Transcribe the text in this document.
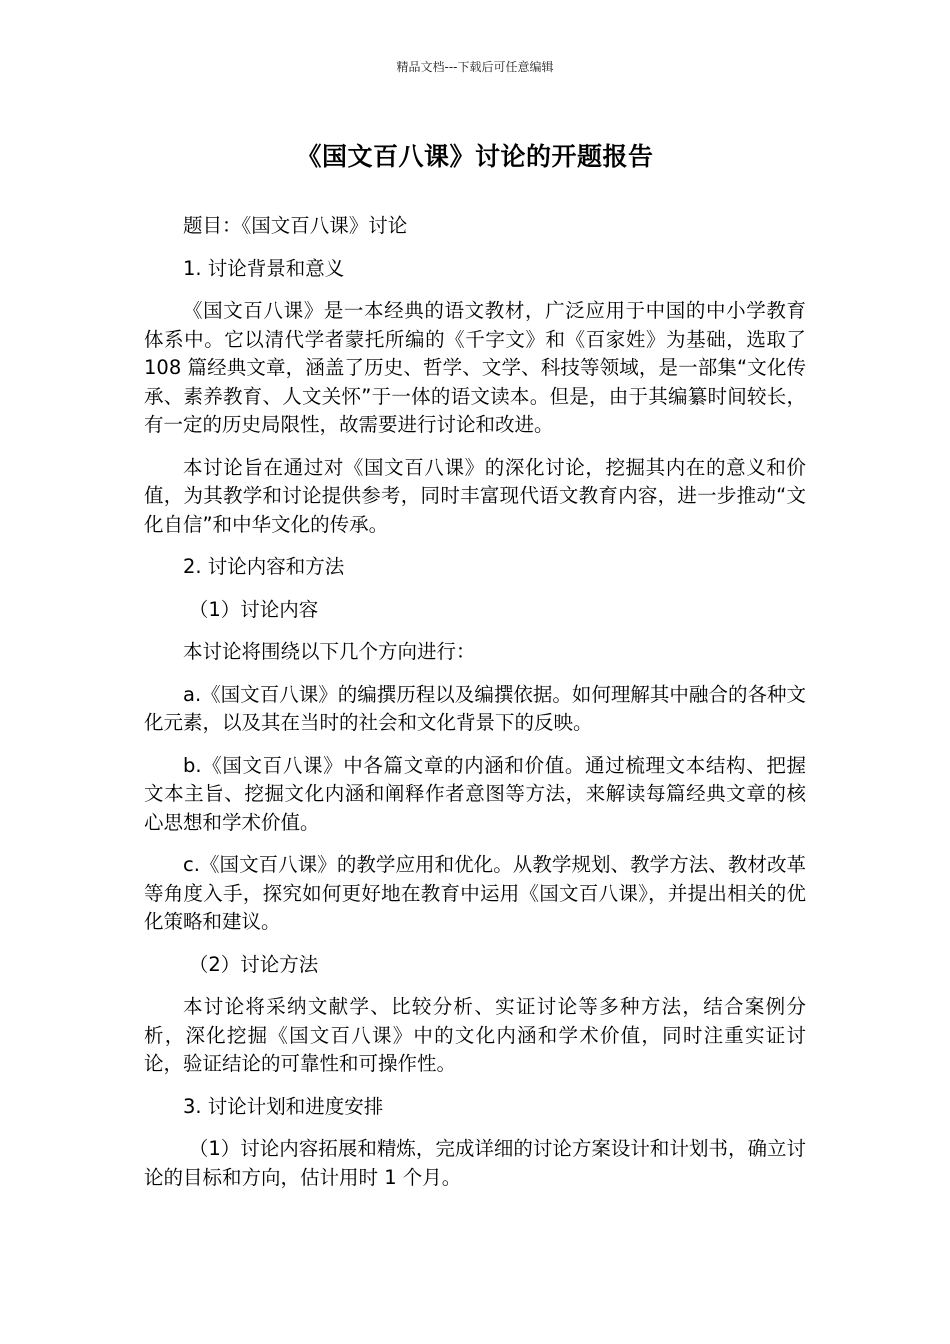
精品文档---下载后可任意编辑
《国文百八课》讨论的开题报告

题目：《国文百八课》讨论

1. 讨论背景和意义

《国文百八课》是一本经典的语文教材，广泛应用于中国的中小学教育体系中。它以清代学者蒙托所编的《千字文》和《百家姓》为基础，选取了 108 篇经典文章，涵盖了历史、哲学、文学、科技等领域，是一部集“文化传承、素养教育、人文关怀”于一体的语文读本。但是，由于其编纂时间较长，有一定的历史局限性，故需要进行讨论和改进。

本讨论旨在通过对《国文百八课》的深化讨论，挖掘其内在的意义和价值，为其教学和讨论提供参考，同时丰富现代语文教育内容，进一步推动“文化自信”和中华文化的传承。

2. 讨论内容和方法

（1）讨论内容

本讨论将围绕以下几个方向进行：

a.《国文百八课》的编撰历程以及编撰依据。如何理解其中融合的各种文化元素，以及其在当时的社会和文化背景下的反映。

b.《国文百八课》中各篇文章的内涵和价值。通过梳理文本结构、把握文本主旨、挖掘文化内涵和阐释作者意图等方法，来解读每篇经典文章的核心思想和学术价值。

c.《国文百八课》的教学应用和优化。从教学规划、教学方法、教材改革等角度入手，探究如何更好地在教育中运用《国文百八课》，并提出相关的优化策略和建议。

（2）讨论方法

本讨论将采纳文献学、比较分析、实证讨论等多种方法，结合案例分析，深化挖掘《国文百八课》中的文化内涵和学术价值，同时注重实证讨论，验证结论的可靠性和可操作性。

3. 讨论计划和进度安排

（1）讨论内容拓展和精炼，完成详细的讨论方案设计和计划书，确立讨论的目标和方向，估计用时 1 个月。
